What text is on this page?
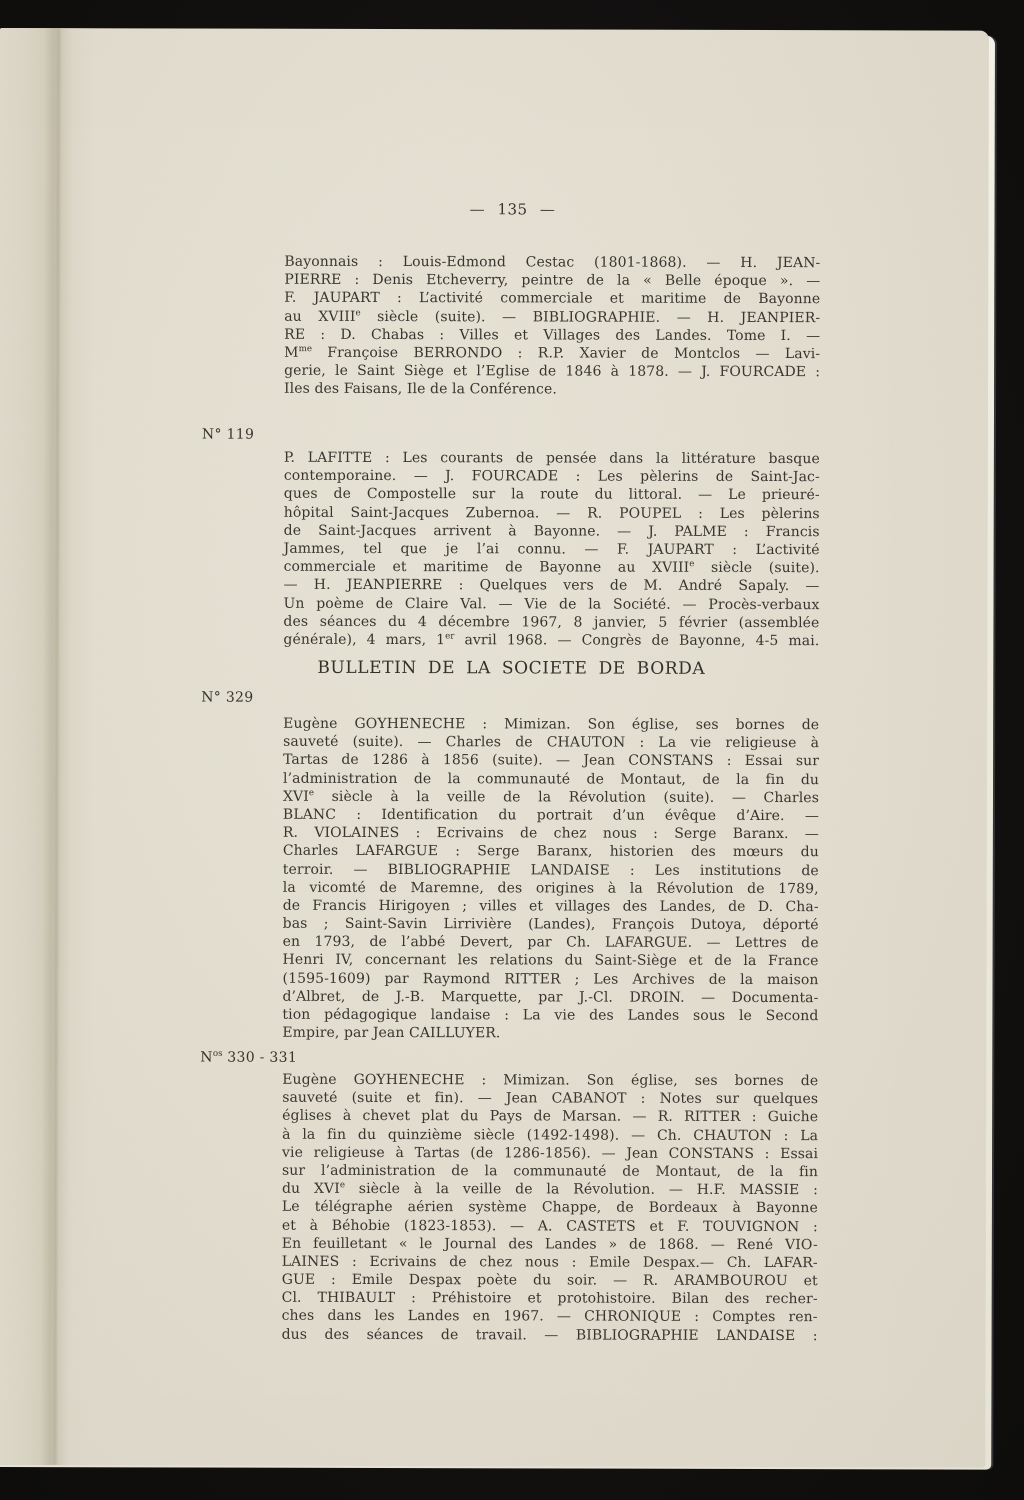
— 135 —
Bayonnais : Louis-Edmond Cestac (1801-1868). — H. JEAN-
PIERRE : Denis Etcheverry, peintre de la « Belle époque ». —
F. JAUPART : L’activité commerciale et maritime de Bayonne
au XVIIIe siècle (suite). — BIBLIOGRAPHIE. — H. JEANPIER-
RE : D. Chabas : Villes et Villages des Landes. Tome I. —
$M^{me}$ Françoise BERRONDO : R.P. Xavier de Montclos — Lavi-
gerie, le Saint Siège et l’Eglise de 1846 à 1878. — J. FOURCADE :
Iles des Faisans, Ile de la Conférence.
N° 119
P. LAFITTE : Les courants de pensée dans la littérature basque
contemporaine. — J. FOURCADE : Les pèlerins de Saint-Jac-
ques de Compostelle sur la route du littoral. — Le prieuré-
hôpital Saint-Jacques Zubernoa. — R. POUPEL : Les pèlerins
de Saint-Jacques arrivent à Bayonne. — J. PALME : Francis
Jammes, tel que je l’ai connu. — F. JAUPART : L’activité
commerciale et maritime de Bayonne au XVIIIe siècle (suite).
— H. JEANPIERRE : Quelques vers de M. André Sapaly. —
Un poème de Claire Val. — Vie de la Société. — Procès-verbaux
des séances du 4 décembre 1967, 8 janvier, 5 février (assemblée
générale), 4 mars, 1er avril 1968. — Congrès de Bayonne, 4-5 mai.
BULLETIN DE LA SOCIETE DE BORDA
N° 329
Eugène GOYHENECHE : Mimizan. Son église, ses bornes de
sauveté (suite). — Charles de CHAUTON : La vie religieuse à
Tartas de 1286 à 1856 (suite). — Jean CONSTANS : Essai sur
l’administration de la communauté de Montaut, de la fin du
XVIe siècle à la veille de la Révolution (suite). — Charles
BLANC : Identification du portrait d’un évêque d’Aire. —
R. VIOLAINES : Ecrivains de chez nous : Serge Baranx. —
Charles LAFARGUE : Serge Baranx, historien des mœurs du
terroir. — BIBLIOGRAPHIE LANDAISE : Les institutions de
la vicomté de Maremne, des origines à la Révolution de 1789,
de Francis Hirigoyen ; villes et villages des Landes, de D. Cha-
bas ; Saint-Savin Lirrivière (Landes), François Dutoya, déporté
en 1793, de l’abbé Devert, par Ch. LAFARGUE. — Lettres de
Henri IV, concernant les relations du Saint-Siège et de la France
(1595-1609) par Raymond RITTER ; Les Archives de la maison
d’Albret, de J.-B. Marquette, par J.-Cl. DROIN. — Documenta-
tion pédagogique landaise : La vie des Landes sous le Second
Empire, par Jean CAILLUYER.
$N^{os}$ 330 - 331
Eugène GOYHENECHE : Mimizan. Son église, ses bornes de
sauveté (suite et fin). — Jean CABANOT : Notes sur quelques
églises à chevet plat du Pays de Marsan. — R. RITTER : Guiche
à la fin du quinzième siècle (1492-1498). — Ch. CHAUTON : La
vie religieuse à Tartas (de 1286-1856). — Jean CONSTANS : Essai
sur l’administration de la communauté de Montaut, de la fin
du XVIe siècle à la veille de la Révolution. — H.F. MASSIE :
Le télégraphe aérien système Chappe, de Bordeaux à Bayonne
et à Béhobie (1823-1853). — A. CASTETS et F. TOUVIGNON :
En feuilletant « le Journal des Landes » de 1868. — René VIO-
LAINES : Ecrivains de chez nous : Emile Despax.— Ch. LAFAR-
GUE : Emile Despax poète du soir. — R. ARAMBOUROU et
Cl. THIBAULT : Préhistoire et protohistoire. Bilan des recher-
ches dans les Landes en 1967. — CHRONIQUE : Comptes ren-
dus des séances de travail. — BIBLIOGRAPHIE LANDAISE :
